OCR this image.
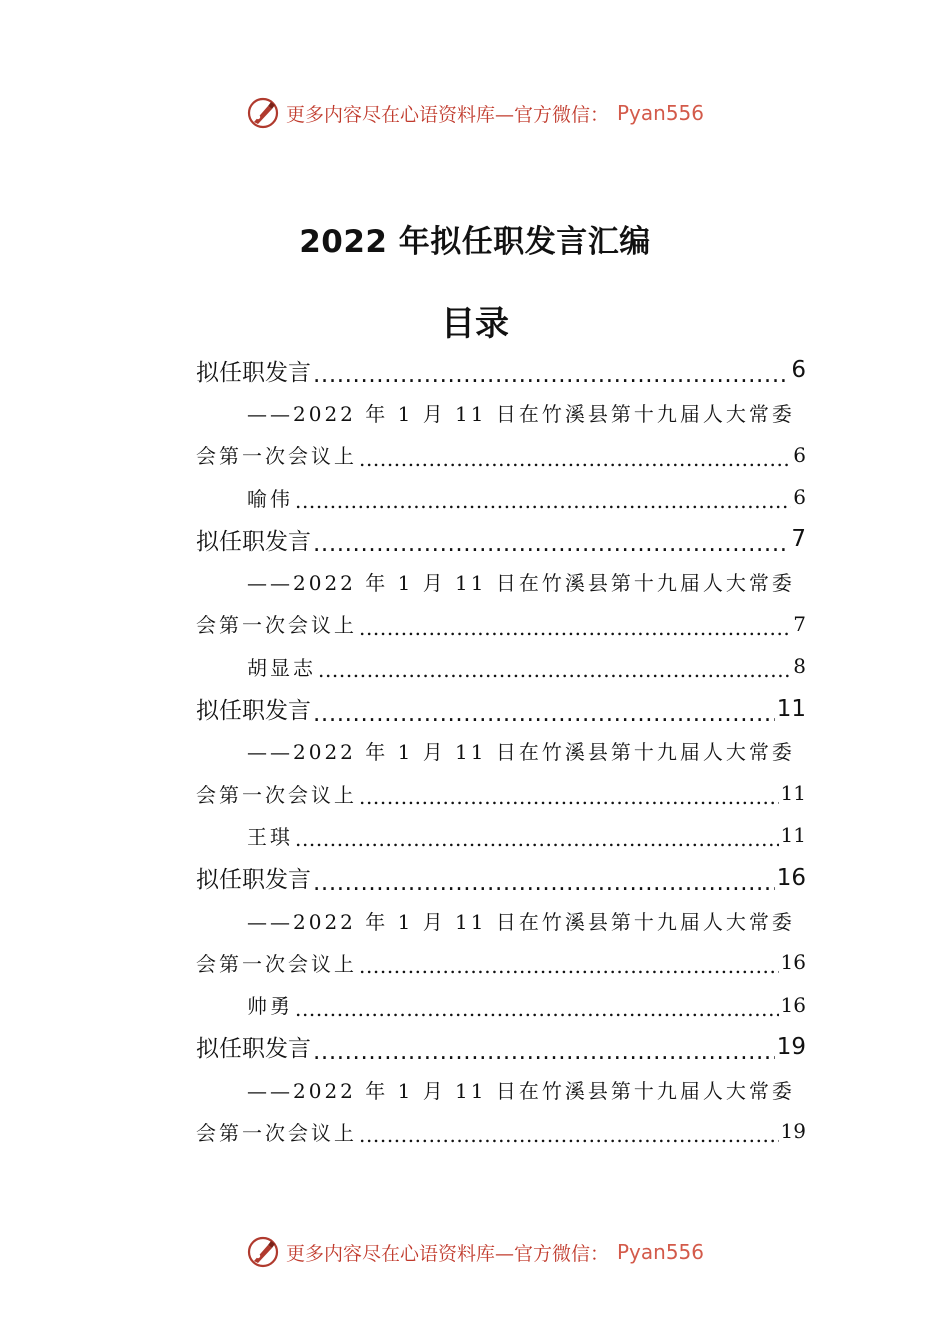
更多内容尽在心语资料库—官方微信： Pyan556
2022 年拟任职发言汇编
目录
拟任职发言 .....	6
——2022 年 1 月 11 日在竹溪县第十九届人大常委
会第一次会议上 .....	6
喻伟 .....	6
拟任职发言 .....	7
——2022 年 1 月 11 日在竹溪县第十九届人大常委
会第一次会议上 .....	7
胡显志 .....	8
拟任职发言 .....	11
——2022 年 1 月 11 日在竹溪县第十九届人大常委
会第一次会议上 .....	11
王琪 .....	11
拟任职发言 .....	16
——2022 年 1 月 11 日在竹溪县第十九届人大常委
会第一次会议上 .....	16
帅勇 .....	16
拟任职发言 .....	19
——2022 年 1 月 11 日在竹溪县第十九届人大常委
会第一次会议上 .....	19
更多内容尽在心语资料库—官方微信： Pyan556
